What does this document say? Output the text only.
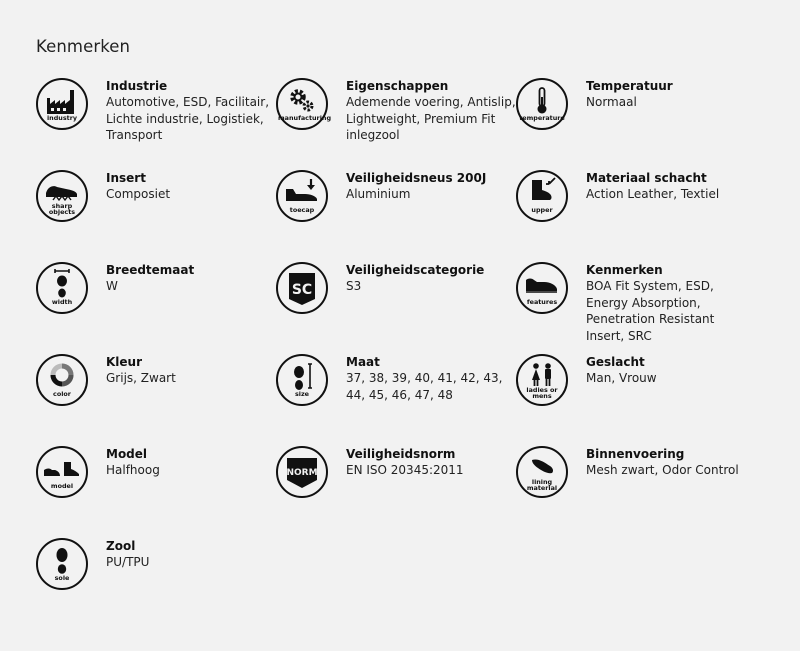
Kenmerken
industry
Industrie
Automotive, ESD, Facilitair, Lichte industrie, Logistiek, Transport
manufacturing
Eigenschappen
Ademende voering, Antislip, Lightweight, Premium Fit inlegzool
temperature
Temperatuur
Normaal
sharp
objects
Insert
Composiet
toecap
Veiligheidsneus 200J
Aluminium
upper
Materiaal schacht
Action Leather, Textiel
width
Breedtemaat
W	SC
Veiligheidscategorie
S3
features
Kenmerken
BOA Fit System, ESD, Energy Absorption, Penetration Resistant Insert, SRC
color
Kleur
Grijs, Zwart
size
Maat
37, 38, 39, 40, 41, 42, 43, 44, 45, 46, 47, 48	ladies or
mens
Geslacht
Man, Vrouw
model
Model
Halfhoog	NORM
Veiligheidsnorm
EN ISO 20345:2011
lining
material
Binnenvoering
Mesh zwart, Odor Control
sole
Zool
PU/TPU
